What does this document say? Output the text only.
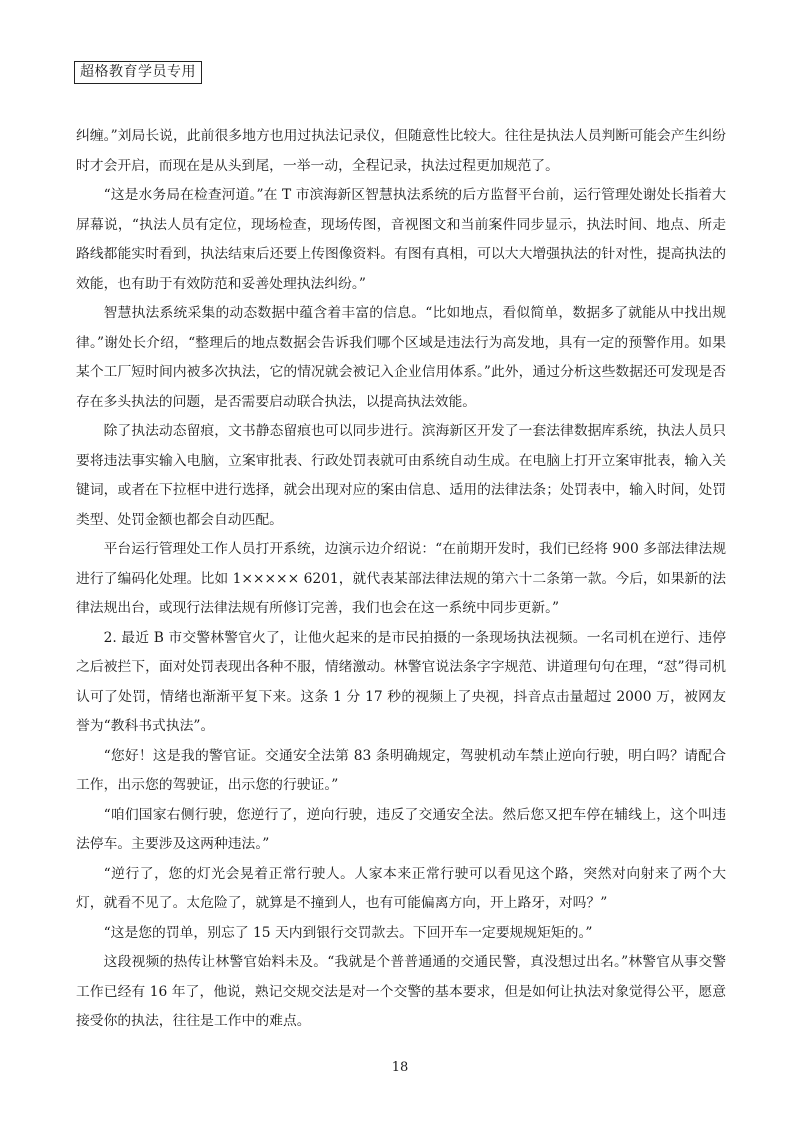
超格教育学员专用

纠缠。”刘局长说，此前很多地方也用过执法记录仪，但随意性比较大。往往是执法人员判断可能会产生纠纷时才会开启，而现在是从头到尾，一举一动，全程记录，执法过程更加规范了。

“这是水务局在检查河道。”在 T 市滨海新区智慧执法系统的后方监督平台前，运行管理处谢处长指着大屏幕说，“执法人员有定位，现场检查，现场传图，音视图文和当前案件同步显示，执法时间、地点、所走路线都能实时看到，执法结束后还要上传图像资料。有图有真相，可以大大增强执法的针对性，提高执法的效能，也有助于有效防范和妥善处理执法纠纷。”

智慧执法系统采集的动态数据中蕴含着丰富的信息。“比如地点，看似简单，数据多了就能从中找出规律。”谢处长介绍，“整理后的地点数据会告诉我们哪个区域是违法行为高发地，具有一定的预警作用。如果某个工厂短时间内被多次执法，它的情况就会被记入企业信用体系。”此外，通过分析这些数据还可发现是否存在多头执法的问题，是否需要启动联合执法，以提高执法效能。

除了执法动态留痕，文书静态留痕也可以同步进行。滨海新区开发了一套法律数据库系统，执法人员只要将违法事实输入电脑，立案审批表、行政处罚表就可由系统自动生成。在电脑上打开立案审批表，输入关键词，或者在下拉框中进行选择，就会出现对应的案由信息、适用的法律法条；处罚表中，输入时间，处罚类型、处罚金额也都会自动匹配。

平台运行管理处工作人员打开系统，边演示边介绍说：“在前期开发时，我们已经将 900 多部法律法规进行了编码化处理。比如 1××××× 6201，就代表某部法律法规的第六十二条第一款。今后，如果新的法律法规出台，或现行法律法规有所修订完善，我们也会在这一系统中同步更新。”

2. 最近 B 市交警林警官火了，让他火起来的是市民拍摄的一条现场执法视频。一名司机在逆行、违停之后被拦下，面对处罚表现出各种不服，情绪激动。林警官说法条字字规范、讲道理句句在理，“怼”得司机认可了处罚，情绪也渐渐平复下来。这条 1 分 17 秒的视频上了央视，抖音点击量超过 2000 万，被网友誉为“教科书式执法”。

“您好！这是我的警官证。交通安全法第 83 条明确规定，驾驶机动车禁止逆向行驶，明白吗？请配合工作，出示您的驾驶证，出示您的行驶证。”

“咱们国家右侧行驶，您逆行了，逆向行驶，违反了交通安全法。然后您又把车停在辅线上，这个叫违法停车。主要涉及这两种违法。”

“逆行了，您的灯光会晃着正常行驶人。人家本来正常行驶可以看见这个路，突然对向射来了两个大灯，就看不见了。太危险了，就算是不撞到人，也有可能偏离方向，开上路牙，对吗？”

“这是您的罚单，别忘了 15 天内到银行交罚款去。下回开车一定要规规矩矩的。”

这段视频的热传让林警官始料未及。“我就是个普普通通的交通民警，真没想过出名。”林警官从事交警工作已经有 16 年了，他说，熟记交规交法是对一个交警的基本要求，但是如何让执法对象觉得公平，愿意接受你的执法，往往是工作中的难点。

18
